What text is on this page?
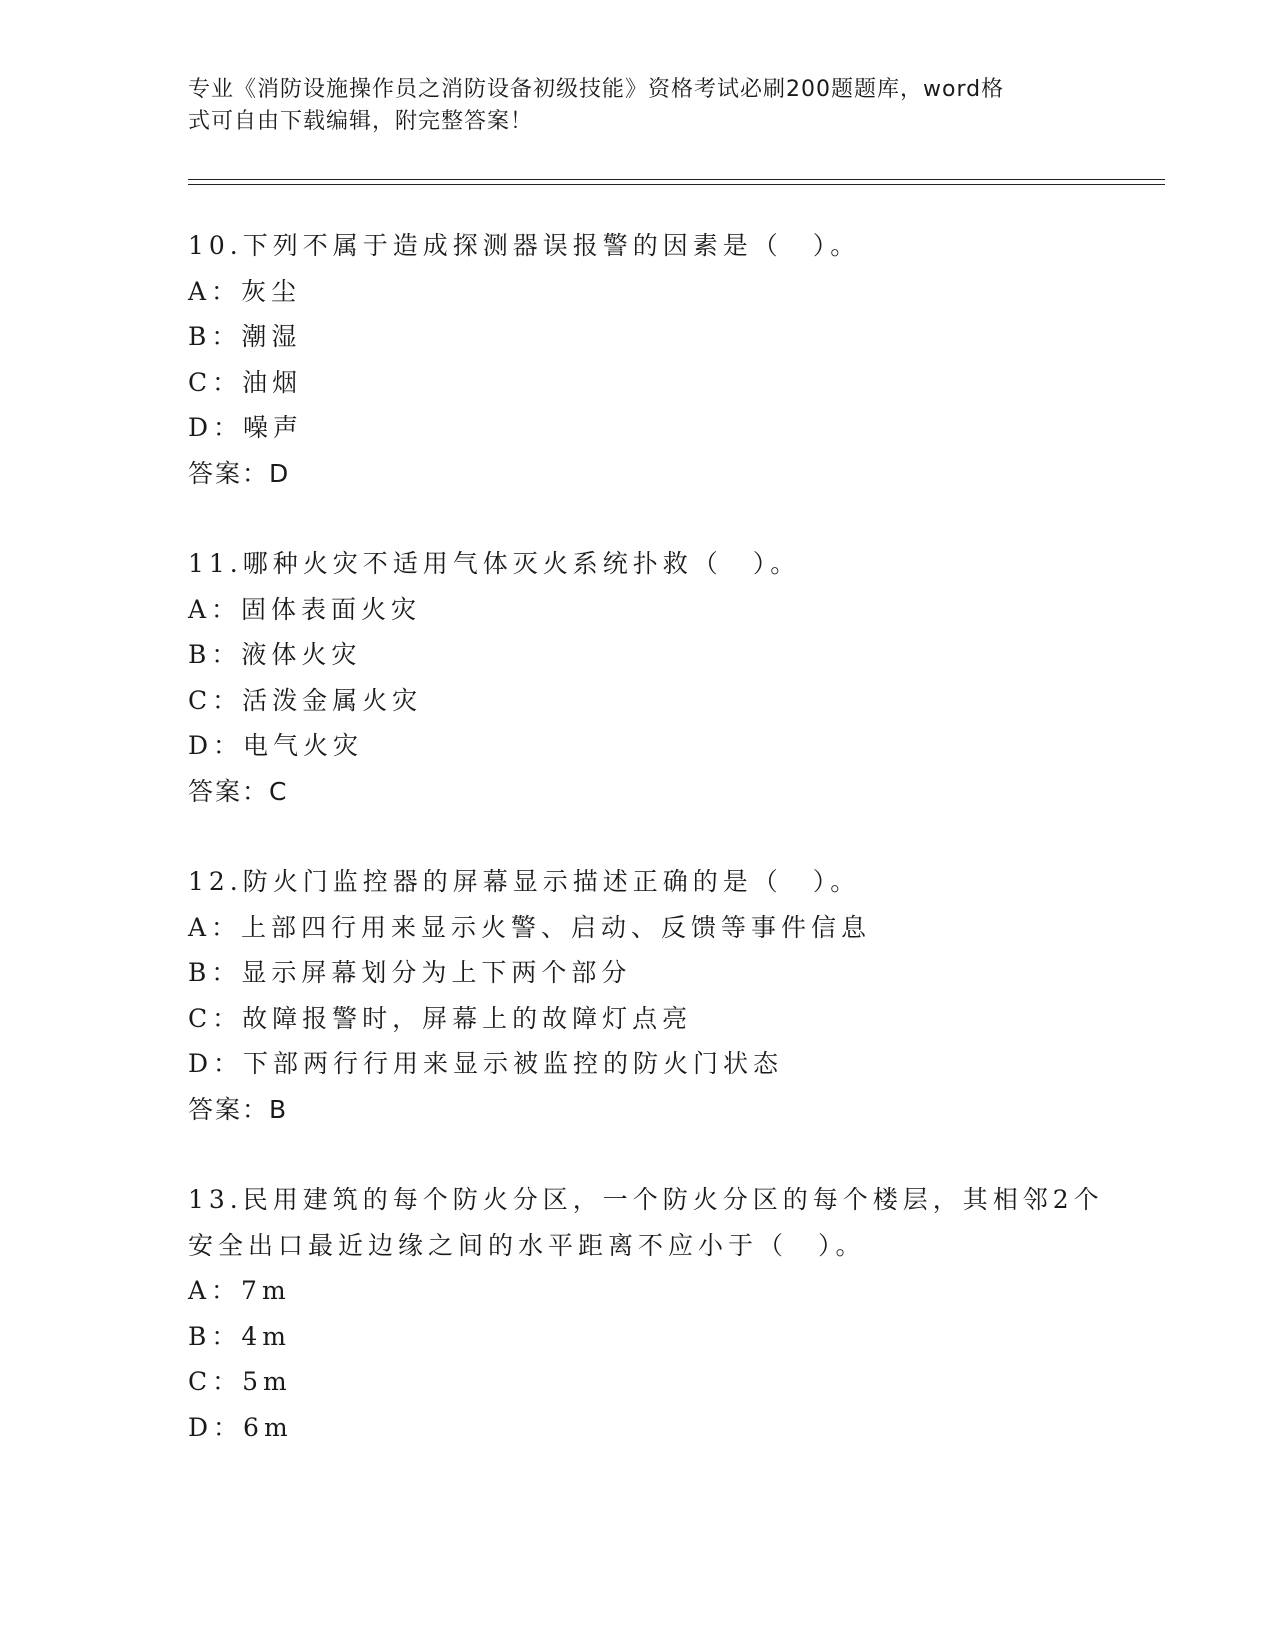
专业《消防设施操作员之消防设备初级技能》资格考试必刷200题题库，word格
式可自由下载编辑，附完整答案！
10.下列不属于造成探测器误报警的因素是（　）。
A：灰尘
B：潮湿
C：油烟
D：噪声
答案：D
11.哪种火灾不适用气体灭火系统扑救（　）。
A：固体表面火灾
B：液体火灾
C：活泼金属火灾
D：电气火灾
答案：C
12.防火门监控器的屏幕显示描述正确的是（　）。
A：上部四行用来显示火警、启动、反馈等事件信息
B：显示屏幕划分为上下两个部分
C：故障报警时，屏幕上的故障灯点亮
D：下部两行行用来显示被监控的防火门状态
答案：B
13.民用建筑的每个防火分区，一个防火分区的每个楼层，其相邻2个
安全出口最近边缘之间的水平距离不应小于（　）。
A：7m
B：4m
C：5m
D：6m
